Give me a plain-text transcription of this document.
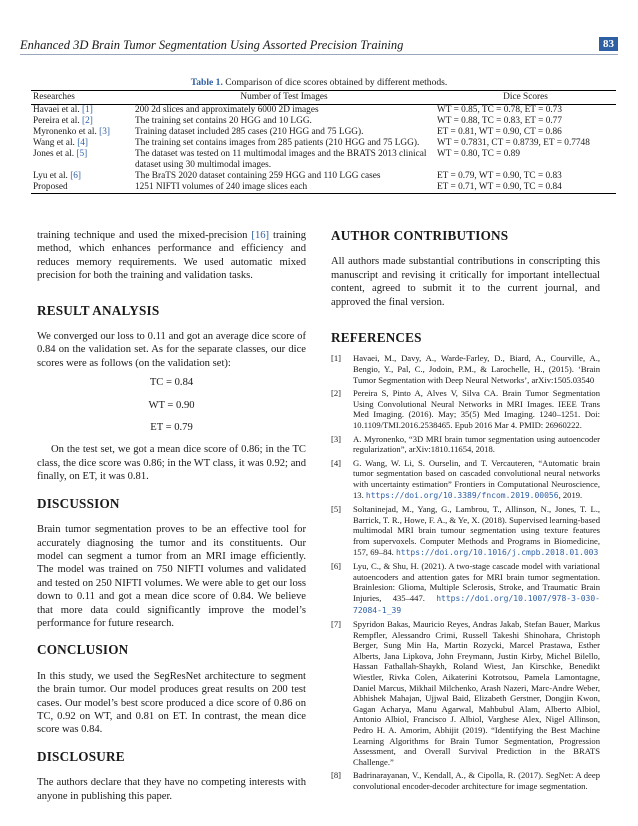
Enhanced 3D Brain Tumor Segmentation Using Assorted Precision Training	83
Table 1. Comparison of dice scores obtained by different methods.
Researches	Number of Test Images	Dice Scores
Havaei et al. [1]	200 2d slices and approximately 6000 2D images	WT = 0.85, TC = 0.78, ET = 0.73
Pereira et al. [2]	The training set contains 20 HGG and 10 LGG.	WT = 0.88, TC = 0.83, ET = 0.77
Myronenko et al. [3]	Training dataset included 285 cases (210 HGG and 75 LGG).	ET = 0.81, WT = 0.90, CT = 0.86
Wang et al. [4]	The training set contains images from 285 patients (210 HGG and 75 LGG).	WT = 0.7831, CT = 0.8739, ET = 0.7748
Jones et al. [5]	The dataset was tested on 11 multimodal images and the BRATS 2013 clinical dataset using 30 multimodal images.	WT = 0.80, TC = 0.89
Lyu et al. [6]	The BraTS 2020 dataset containing 259 HGG and 110 LGG cases	ET = 0.79, WT = 0.90, TC = 0.83
Proposed	1251 NIFTI volumes of 240 image slices each	ET = 0.71, WT = 0.90, TC = 0.84

training technique and used the mixed-precision [16] training method, which enhances performance and efficiency and reduces memory requirements. We used automatic mixed precision for both the training and validation tasks.

RESULT ANALYSIS

We converged our loss to 0.11 and got an average dice score of 0.84 on the validation set. As for the separate classes, our dice scores were as follows (on the validation set):

TC = 0.84

WT = 0.90

ET = 0.79

On the test set, we got a mean dice score of 0.86; in the TC class, the dice score was 0.86; in the WT class, it was 0.92; and finally, on ET, it was 0.81.

DISCUSSION

Brain tumor segmentation proves to be an effective tool for accurately diagnosing the tumor and its constituents. Our model can segment a tumor from an MRI image efficiently. The model was trained on 750 NIFTI volumes and validated and tested on 250 NIFTI volumes. We were able to get our loss down to 0.11 and got a mean dice score of 0.84. We believe that more data could significantly improve the model’s performance for future research.

CONCLUSION

In this study, we used the SegResNet architecture to segment the brain tumor. Our model produces great results on 200 test cases. Our model’s best score produced a dice score of 0.86 on TC, 0.92 on WT, and 0.81 on ET. In contrast, the mean dice score was 0.84.

DISCLOSURE

The authors declare that they have no competing interests with anyone in publishing this paper.

AUTHOR CONTRIBUTIONS

All authors made substantial contributions in conscripting this manuscript and revising it critically for important intellectual content, agreed to submit it to the current journal, and approved the final version.

REFERENCES
[1]	Havaei, M., Davy, A., Warde-Farley, D., Biard, A., Courville, A., Bengio, Y., Pal, C., Jodoin, P.M., & Larochelle, H., (2015). ‘Brain Tumor Segmentation with Deep Neural Networks’, arXiv:1505.03540
[2]	Pereira S, Pinto A, Alves V, Silva CA. Brain Tumor Segmentation Using Convolutional Neural Networks in MRI Images. IEEE Trans Med Imaging. (2016). May; 35(5) Med Imaging. 1240–1251. Doi: 10.1109/TMI.2016.2538465. Epub 2016 Mar 4. PMID: 26960222.
[3]	A. Myronenko, “3D MRI brain tumor segmentation using autoencoder regularization”, arXiv:1810.11654, 2018.
[4]	G. Wang, W. Li, S. Ourselin, and T. Vercauteren, “Automatic brain tumor segmentation based on cascaded convolutional neural networks with uncertainty estimation” Frontiers in Computational Neuroscience, 13. https://doi.org/10.3389/fncom.2019.00056, 2019.
[5]	Soltaninejad, M., Yang, G., Lambrou, T., Allinson, N., Jones, T. L., Barrick, T. R., Howe, F. A., & Ye, X. (2018). Supervised learning-based multimodal MRI brain tumour segmentation using texture features from supervoxels. Computer Methods and Programs in Biomedicine, 157, 69–84. https://doi.org/10.1016/j.cmpb.2018.01.003
[6]	Lyu, C., & Shu, H. (2021). A two-stage cascade model with variational autoencoders and attention gates for MRI brain tumor segmentation. Brainlesion: Glioma, Multiple Sclerosis, Stroke, and Traumatic Brain Injuries, 435–447. https://doi.org/10.1007/978-3-030-72084-1_39
[7]	Spyridon Bakas, Mauricio Reyes, Andras Jakab, Stefan Bauer, Markus Rempfler, Alessandro Crimi, Russell Takeshi Shinohara, Christoph Berger, Sung Min Ha, Martin Rozycki, Marcel Prastawa, Esther Alberts, Jana Lipkova, John Freymann, Justin Kirby, Michel Bilello, Hassan Fathallah-Shaykh, Roland Wiest, Jan Kirschke, Benedikt Wiestler, Rivka Colen, Aikaterini Kotrotsou, Pamela Lamontagne, Daniel Marcus, Mikhail Milchenko, Arash Nazeri, Marc-Andre Weber, Abhishek Mahajan, Ujjwal Baid, Elizabeth Gerstner, Dongjin Kwon, Gagan Acharya, Manu Agarwal, Mahbubul Alam, Alberto Albiol, Antonio Albiol, Francisco J. Albiol, Varghese Alex, Nigel Allinson, Pedro H. A. Amorim, Abhijit (2019). “Identifying the Best Machine Learning Algorithms for Brain Tumor Segmentation, Progression Assessment, and Overall Survival Prediction in the BRATS Challenge.”
[8]	Badrinarayanan, V., Kendall, A., & Cipolla, R. (2017). SegNet: A deep convolutional encoder-decoder architecture for image segmentation.
